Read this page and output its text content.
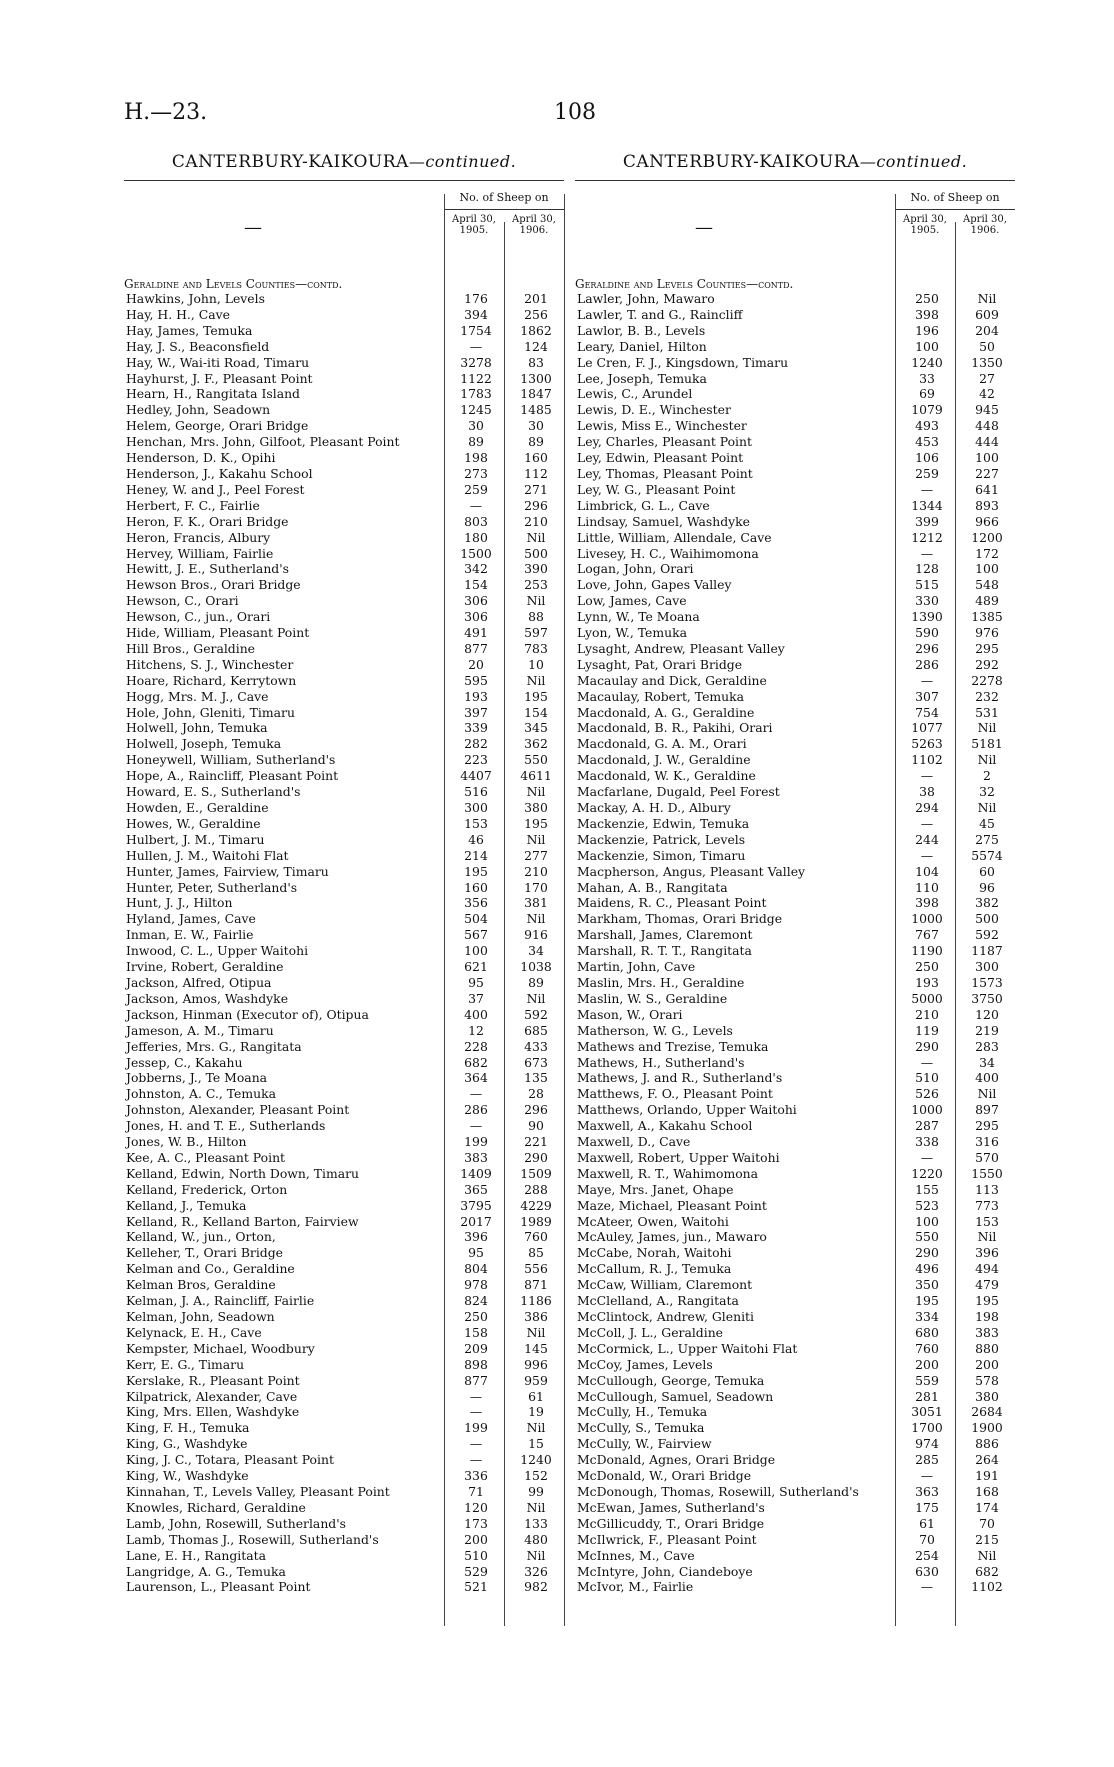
H.—23.	108
CANTERBURY-KAIKOURA—continued.
—
No. of Sheep on
April 30, 1905.
April 30, 1906.
Geraldine and Levels Counties—contd.
Hawkins, John, Levels	176	201
Hay, H. H., Cave	394	256
Hay, James, Temuka	1754	1862
Hay, J. S., Beaconsfield	—	124
Hay, W., Wai-iti Road, Timaru	3278	83
Hayhurst, J. F., Pleasant Point	1122	1300
Hearn, H., Rangitata Island	1783	1847
Hedley, John, Seadown	1245	1485
Helem, George, Orari Bridge	30	30
Henchan, Mrs. John, Gilfoot, Pleasant Point	89	89
Henderson, D. K., Opihi	198	160
Henderson, J., Kakahu School	273	112
Heney, W. and J., Peel Forest	259	271
Herbert, F. C., Fairlie	—	296
Heron, F. K., Orari Bridge	803	210
Heron, Francis, Albury	180	Nil
Hervey, William, Fairlie	1500	500
Hewitt, J. E., Sutherland's	342	390
Hewson Bros., Orari Bridge	154	253
Hewson, C., Orari	306	Nil
Hewson, C., jun., Orari	306	88
Hide, William, Pleasant Point	491	597
Hill Bros., Geraldine	877	783
Hitchens, S. J., Winchester	20	10
Hoare, Richard, Kerrytown	595	Nil
Hogg, Mrs. M. J., Cave	193	195
Hole, John, Gleniti, Timaru	397	154
Holwell, John, Temuka	339	345
Holwell, Joseph, Temuka	282	362
Honeywell, William, Sutherland's	223	550
Hope, A., Raincliff, Pleasant Point	4407	4611
Howard, E. S., Sutherland's	516	Nil
Howden, E., Geraldine	300	380
Howes, W., Geraldine	153	195
Hulbert, J. M., Timaru	46	Nil
Hullen, J. M., Waitohi Flat	214	277
Hunter, James, Fairview, Timaru	195	210
Hunter, Peter, Sutherland's	160	170
Hunt, J. J., Hilton	356	381
Hyland, James, Cave	504	Nil
Inman, E. W., Fairlie	567	916
Inwood, C. L., Upper Waitohi	100	34
Irvine, Robert, Geraldine	621	1038
Jackson, Alfred, Otipua	95	89
Jackson, Amos, Washdyke	37	Nil
Jackson, Hinman (Executor of), Otipua	400	592
Jameson, A. M., Timaru	12	685
Jefferies, Mrs. G., Rangitata	228	433
Jessep, C., Kakahu	682	673
Jobberns, J., Te Moana	364	135
Johnston, A. C., Temuka	—	28
Johnston, Alexander, Pleasant Point	286	296
Jones, H. and T. E., Sutherlands	—	90
Jones, W. B., Hilton	199	221
Kee, A. C., Pleasant Point	383	290
Kelland, Edwin, North Down, Timaru	1409	1509
Kelland, Frederick, Orton	365	288
Kelland, J., Temuka	3795	4229
Kelland, R., Kelland Barton, Fairview	2017	1989
Kelland, W., jun., Orton,	396	760
Kelleher, T., Orari Bridge	95	85
Kelman and Co., Geraldine	804	556
Kelman Bros, Geraldine	978	871
Kelman, J. A., Raincliff, Fairlie	824	1186
Kelman, John, Seadown	250	386
Kelynack, E. H., Cave	158	Nil
Kempster, Michael, Woodbury	209	145
Kerr, E. G., Timaru	898	996
Kerslake, R., Pleasant Point	877	959
Kilpatrick, Alexander, Cave	—	61
King, Mrs. Ellen, Washdyke	—	19
King, F. H., Temuka	199	Nil
King, G., Washdyke	—	15
King, J. C., Totara, Pleasant Point	—	1240
King, W., Washdyke	336	152
Kinnahan, T., Levels Valley, Pleasant Point	71	99
Knowles, Richard, Geraldine	120	Nil
Lamb, John, Rosewill, Sutherland's	173	133
Lamb, Thomas J., Rosewill, Sutherland's	200	480
Lane, E. H., Rangitata	510	Nil
Langridge, A. G., Temuka	529	326
Laurenson, L., Pleasant Point	521	982
CANTERBURY-KAIKOURA—continued.
—
No. of Sheep on
April 30, 1905.
April 30, 1906.
Geraldine and Levels Counties—contd.
Lawler, John, Mawaro	250	Nil
Lawler, T. and G., Raincliff	398	609
Lawlor, B. B., Levels	196	204
Leary, Daniel, Hilton	100	50
Le Cren, F. J., Kingsdown, Timaru	1240	1350
Lee, Joseph, Temuka	33	27
Lewis, C., Arundel	69	42
Lewis, D. E., Winchester	1079	945
Lewis, Miss E., Winchester	493	448
Ley, Charles, Pleasant Point	453	444
Ley, Edwin, Pleasant Point	106	100
Ley, Thomas, Pleasant Point	259	227
Ley, W. G., Pleasant Point	—	641
Limbrick, G. L., Cave	1344	893
Lindsay, Samuel, Washdyke	399	966
Little, William, Allendale, Cave	1212	1200
Livesey, H. C., Waihimomona	—	172
Logan, John, Orari	128	100
Love, John, Gapes Valley	515	548
Low, James, Cave	330	489
Lynn, W., Te Moana	1390	1385
Lyon, W., Temuka	590	976
Lysaght, Andrew, Pleasant Valley	296	295
Lysaght, Pat, Orari Bridge	286	292
Macaulay and Dick, Geraldine	—	2278
Macaulay, Robert, Temuka	307	232
Macdonald, A. G., Geraldine	754	531
Macdonald, B. R., Pakihi, Orari	1077	Nil
Macdonald, G. A. M., Orari	5263	5181
Macdonald, J. W., Geraldine	1102	Nil
Macdonald, W. K., Geraldine	—	2
Macfarlane, Dugald, Peel Forest	38	32
Mackay, A. H. D., Albury	294	Nil
Mackenzie, Edwin, Temuka	—	45
Mackenzie, Patrick, Levels	244	275
Mackenzie, Simon, Timaru	—	5574
Macpherson, Angus, Pleasant Valley	104	60
Mahan, A. B., Rangitata	110	96
Maidens, R. C., Pleasant Point	398	382
Markham, Thomas, Orari Bridge	1000	500
Marshall, James, Claremont	767	592
Marshall, R. T. T., Rangitata	1190	1187
Martin, John, Cave	250	300
Maslin, Mrs. H., Geraldine	193	1573
Maslin, W. S., Geraldine	5000	3750
Mason, W., Orari	210	120
Matherson, W. G., Levels	119	219
Mathews and Trezise, Temuka	290	283
Mathews, H., Sutherland's	—	34
Mathews, J. and R., Sutherland's	510	400
Matthews, F. O., Pleasant Point	526	Nil
Matthews, Orlando, Upper Waitohi	1000	897
Maxwell, A., Kakahu School	287	295
Maxwell, D., Cave	338	316
Maxwell, Robert, Upper Waitohi	—	570
Maxwell, R. T., Wahimomona	1220	1550
Maye, Mrs. Janet, Ohape	155	113
Maze, Michael, Pleasant Point	523	773
McAteer, Owen, Waitohi	100	153
McAuley, James, jun., Mawaro	550	Nil
McCabe, Norah, Waitohi	290	396
McCallum, R. J., Temuka	496	494
McCaw, William, Claremont	350	479
McClelland, A., Rangitata	195	195
McClintock, Andrew, Gleniti	334	198
McColl, J. L., Geraldine	680	383
McCormick, L., Upper Waitohi Flat	760	880
McCoy, James, Levels	200	200
McCullough, George, Temuka	559	578
McCullough, Samuel, Seadown	281	380
McCully, H., Temuka	3051	2684
McCully, S., Temuka	1700	1900
McCully, W., Fairview	974	886
McDonald, Agnes, Orari Bridge	285	264
McDonald, W., Orari Bridge	—	191
McDonough, Thomas, Rosewill, Sutherland's	363	168
McEwan, James, Sutherland's	175	174
McGillicuddy, T., Orari Bridge	61	70
McIlwrick, F., Pleasant Point	70	215
McInnes, M., Cave	254	Nil
McIntyre, John, Ciandeboye	630	682
McIvor, M., Fairlie	—	1102
